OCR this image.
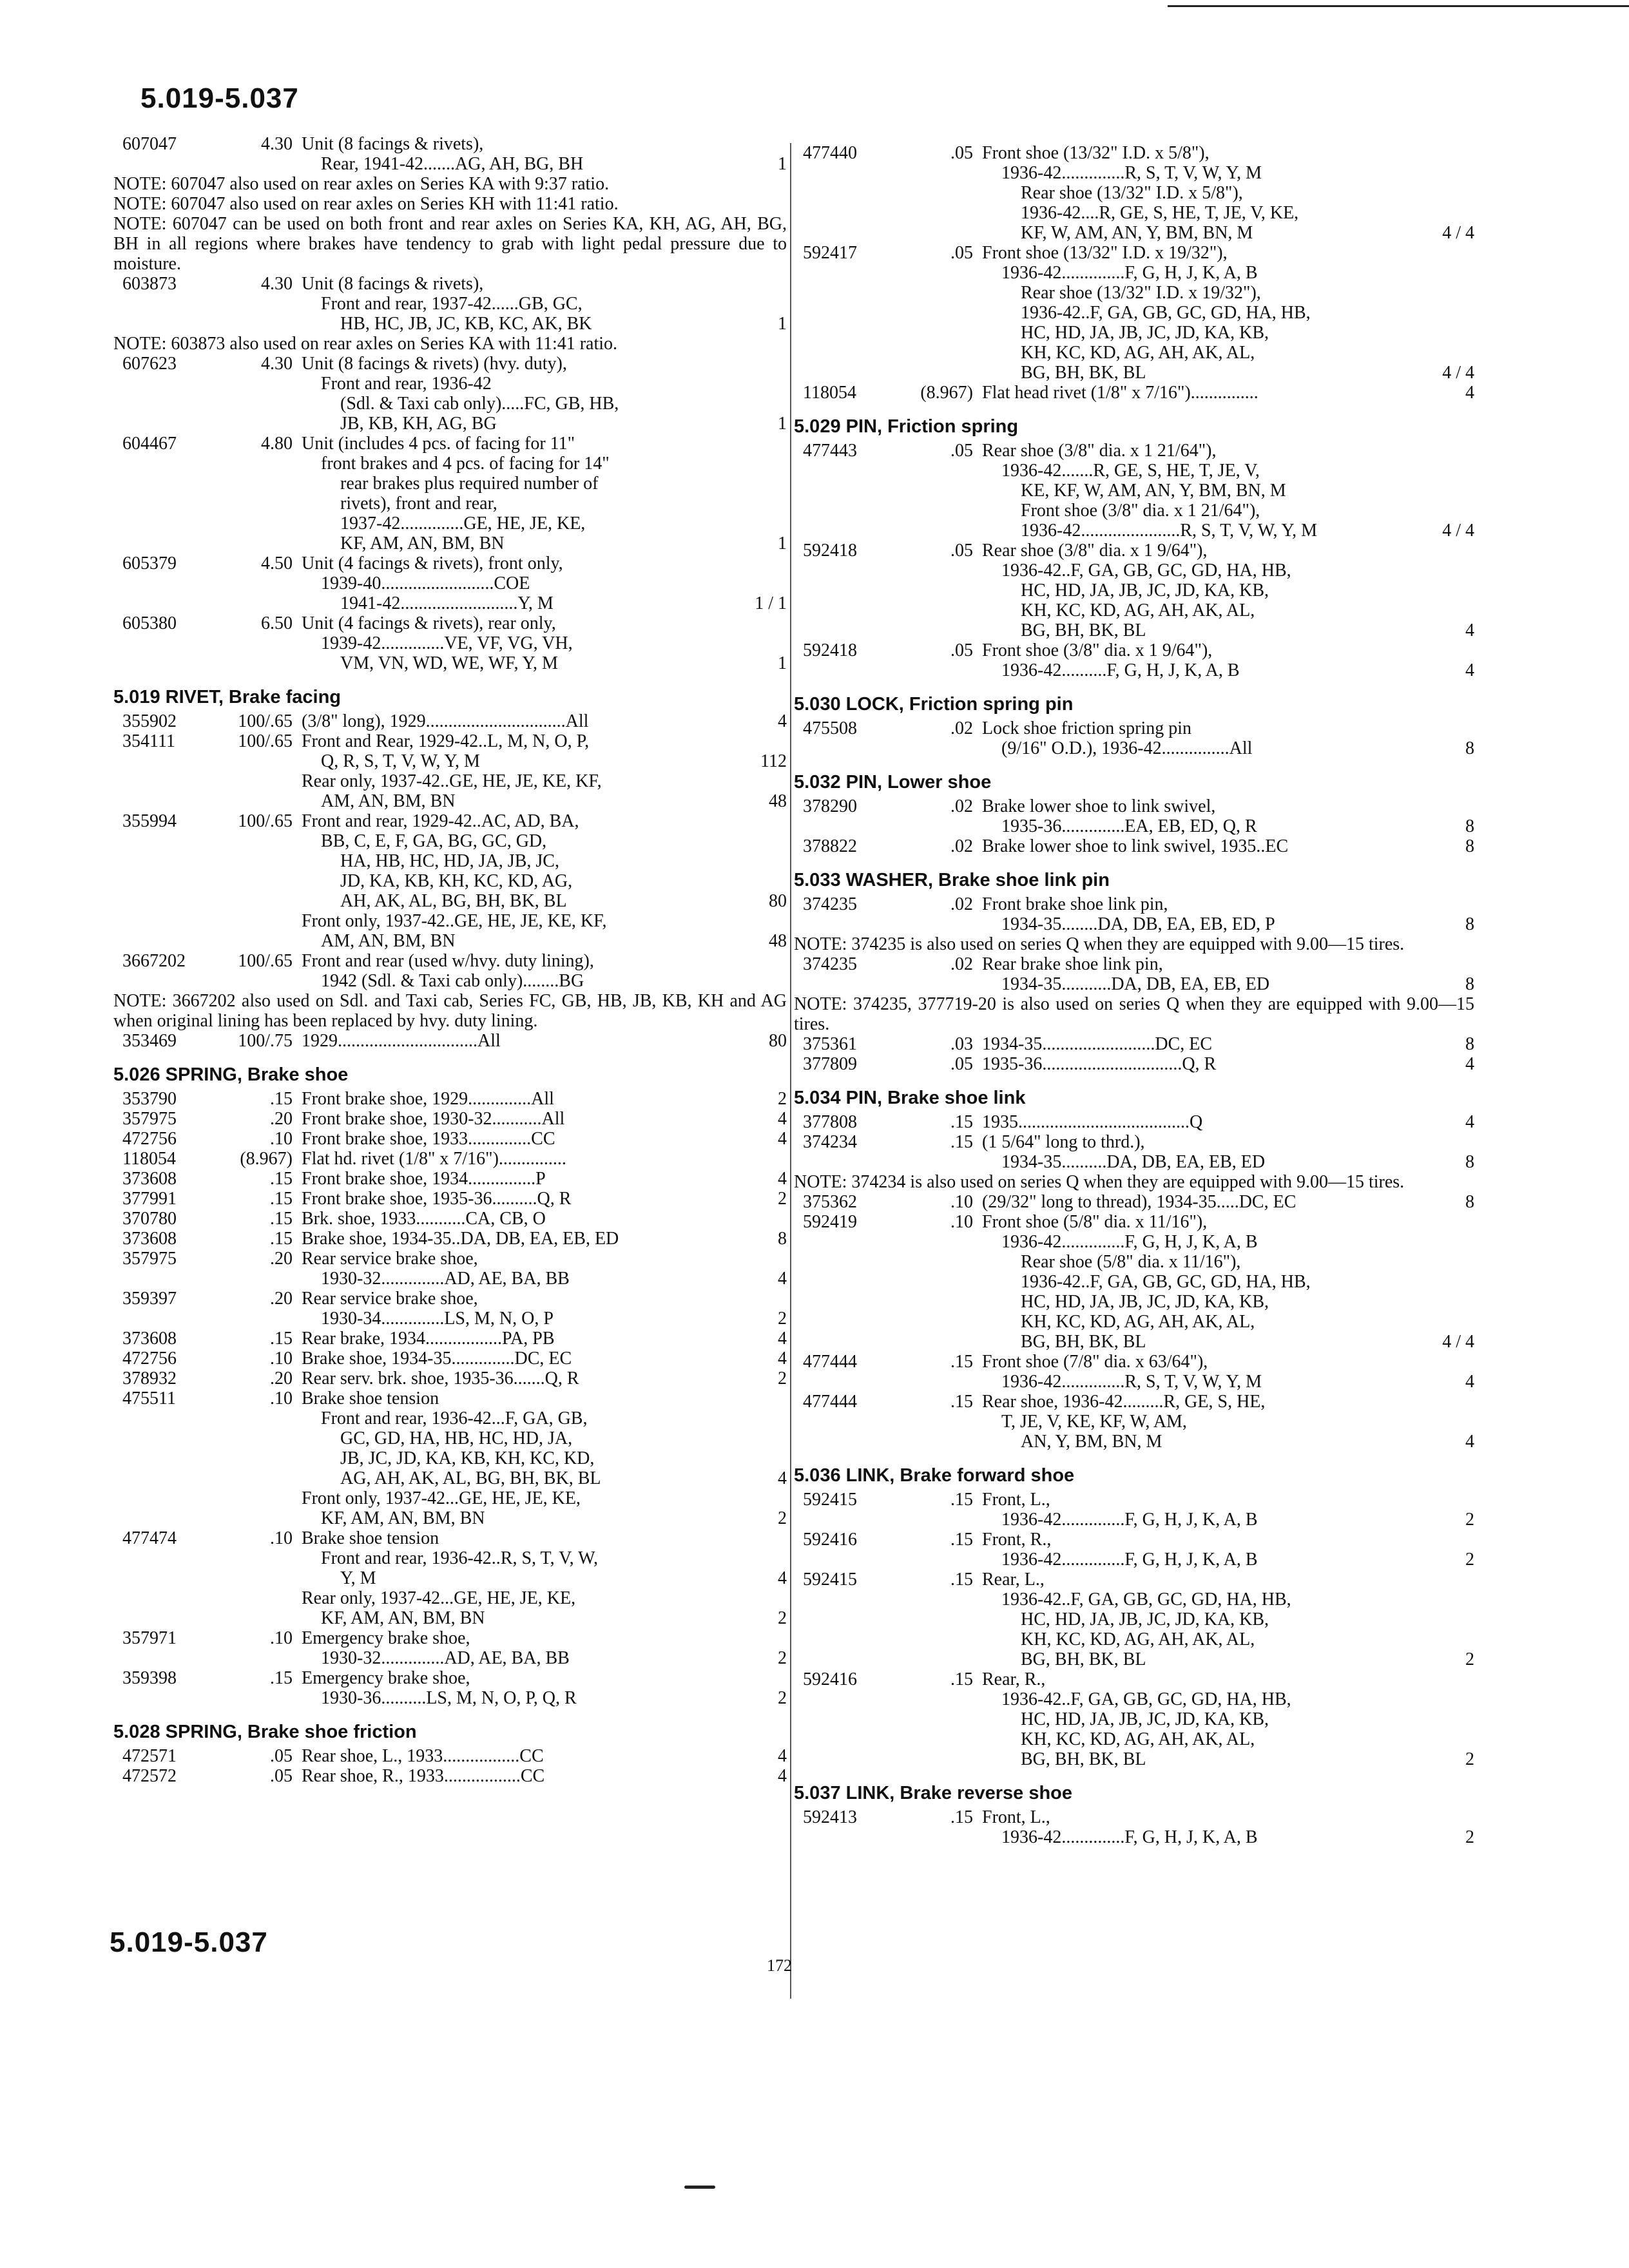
5.019-5.037
5.019-5.037
607047	4.30 Unit (8 facings & rivets),
Rear, 1941-42.......AG, AH, BG, BH	1
NOTE: 607047 also used on rear axles on Series KA with 9:37 ratio.
NOTE: 607047 also used on rear axles on Series KH with 11:41 ratio.
NOTE: 607047 can be used on both front and rear axles on Series KA, KH, AG, AH, BG, BH in all regions where brakes have tendency to grab with light pedal pressure due to moisture.
603873	4.30 Unit (8 facings & rivets),
Front and rear, 1937-42......GB, GC,
HB, HC, JB, JC, KB, KC, AK, BK	1
NOTE: 603873 also used on rear axles on Series KA with 11:41 ratio.
607623	4.30 Unit (8 facings & rivets) (hvy. duty),
Front and rear, 1936-42
(Sdl. & Taxi cab only).....FC, GB, HB,
JB, KB, KH, AG, BG	1
604467	4.80 Unit (includes 4 pcs. of facing for 11"
front brakes and 4 pcs. of facing for 14"
rear brakes plus required number of
rivets), front and rear,
1937-42..............GE, HE, JE, KE,
KF, AM, AN, BM, BN	1
605379	4.50 Unit (4 facings & rivets), front only,
1939-40.........................COE
1941-42..........................Y, M	1 / 1
605380	6.50 Unit (4 facings & rivets), rear only,
1939-42..............VE, VF, VG, VH,
VM, VN, WD, WE, WF, Y, M	1
5.019 RIVET, Brake facing
355902	100/.65 (3/8" long), 1929...............................All	4
354111	100/.65 Front and Rear, 1929-42..L, M, N, O, P,
Q, R, S, T, V, W, Y, M	112
Rear only, 1937-42..GE, HE, JE, KE, KF,
AM, AN, BM, BN	48
355994	100/.65 Front and rear, 1929-42..AC, AD, BA,
BB, C, E, F, GA, BG, GC, GD,
HA, HB, HC, HD, JA, JB, JC,
JD, KA, KB, KH, KC, KD, AG,
AH, AK, AL, BG, BH, BK, BL	80
Front only, 1937-42..GE, HE, JE, KE, KF,
AM, AN, BM, BN	48
3667202	100/.65 Front and rear (used w/hvy. duty lining),
1942 (Sdl. & Taxi cab only)........BG
NOTE: 3667202 also used on Sdl. and Taxi cab, Series FC, GB, HB, JB, KB, KH and AG when original lining has been replaced by hvy. duty lining.
353469	100/.75 1929...............................All	80
5.026 SPRING, Brake shoe
353790	.15 Front brake shoe, 1929..............All	2
357975	.20 Front brake shoe, 1930-32...........All	4
472756	.10 Front brake shoe, 1933..............CC	4
118054	(8.967) Flat hd. rivet (1/8" x 7/16")...............
373608	.15 Front brake shoe, 1934...............P	4
377991	.15 Front brake shoe, 1935-36..........Q, R	2
370780	.15 Brk. shoe, 1933...........CA, CB, O
373608	.15 Brake shoe, 1934-35..DA, DB, EA, EB, ED	8
357975	.20 Rear service brake shoe,
1930-32..............AD, AE, BA, BB	4
359397	.20 Rear service brake shoe,
1930-34..............LS, M, N, O, P	2
373608	.15 Rear brake, 1934.................PA, PB	4
472756	.10 Brake shoe, 1934-35..............DC, EC	4
378932	.20 Rear serv. brk. shoe, 1935-36.......Q, R	2
475511	.10 Brake shoe tension
Front and rear, 1936-42...F, GA, GB,
GC, GD, HA, HB, HC, HD, JA,
JB, JC, JD, KA, KB, KH, KC, KD,
AG, AH, AK, AL, BG, BH, BK, BL	4
Front only, 1937-42...GE, HE, JE, KE,
KF, AM, AN, BM, BN	2
477474	.10 Brake shoe tension
Front and rear, 1936-42..R, S, T, V, W,
Y, M	4
Rear only, 1937-42...GE, HE, JE, KE,
KF, AM, AN, BM, BN	2
357971	.10 Emergency brake shoe,
1930-32..............AD, AE, BA, BB	2
359398	.15 Emergency brake shoe,
1930-36..........LS, M, N, O, P, Q, R	2
5.028 SPRING, Brake shoe friction
472571	.05 Rear shoe, L., 1933.................CC	4
472572	.05 Rear shoe, R., 1933.................CC	4
477440	.05 Front shoe (13/32" I.D. x 5/8"),
1936-42..............R, S, T, V, W, Y, M
Rear shoe (13/32" I.D. x 5/8"),
1936-42....R, GE, S, HE, T, JE, V, KE,
KF, W, AM, AN, Y, BM, BN, M	4 / 4
592417	.05 Front shoe (13/32" I.D. x 19/32"),
1936-42..............F, G, H, J, K, A, B
Rear shoe (13/32" I.D. x 19/32"),
1936-42..F, GA, GB, GC, GD, HA, HB,
HC, HD, JA, JB, JC, JD, KA, KB,
KH, KC, KD, AG, AH, AK, AL,
BG, BH, BK, BL	4 / 4
118054	(8.967) Flat head rivet (1/8" x 7/16")...............	4
5.029 PIN, Friction spring
477443	.05 Rear shoe (3/8" dia. x 1 21/64"),
1936-42.......R, GE, S, HE, T, JE, V,
KE, KF, W, AM, AN, Y, BM, BN, M
Front shoe (3/8" dia. x 1 21/64"),
1936-42......................R, S, T, V, W, Y, M	4 / 4
592418	.05 Rear shoe (3/8" dia. x 1 9/64"),
1936-42..F, GA, GB, GC, GD, HA, HB,
HC, HD, JA, JB, JC, JD, KA, KB,
KH, KC, KD, AG, AH, AK, AL,
BG, BH, BK, BL	4
592418	.05 Front shoe (3/8" dia. x 1 9/64"),
1936-42..........F, G, H, J, K, A, B	4
5.030 LOCK, Friction spring pin
475508	.02 Lock shoe friction spring pin
(9/16" O.D.), 1936-42...............All	8
5.032 PIN, Lower shoe
378290	.02 Brake lower shoe to link swivel,
1935-36..............EA, EB, ED, Q, R	8
378822	.02 Brake lower shoe to link swivel, 1935..EC	8
5.033 WASHER, Brake shoe link pin
374235	.02 Front brake shoe link pin,
1934-35........DA, DB, EA, EB, ED, P	8
NOTE: 374235 is also used on series Q when they are equipped with 9.00—15 tires.
374235	.02 Rear brake shoe link pin,
1934-35...........DA, DB, EA, EB, ED	8
NOTE: 374235, 377719-20 is also used on series Q when they are equipped with 9.00—15 tires.
375361	.03 1934-35.........................DC, EC	8
377809	.05 1935-36...............................Q, R	4
5.034 PIN, Brake shoe link
377808	.15 1935......................................Q	4
374234	.15 (1 5/64" long to thrd.),
1934-35..........DA, DB, EA, EB, ED	8
NOTE: 374234 is also used on series Q when they are equipped with 9.00—15 tires.
375362	.10 (29/32" long to thread), 1934-35.....DC, EC	8
592419	.10 Front shoe (5/8" dia. x 11/16"),
1936-42..............F, G, H, J, K, A, B
Rear shoe (5/8" dia. x 11/16"),
1936-42..F, GA, GB, GC, GD, HA, HB,
HC, HD, JA, JB, JC, JD, KA, KB,
KH, KC, KD, AG, AH, AK, AL,
BG, BH, BK, BL	4 / 4
477444	.15 Front shoe (7/8" dia. x 63/64"),
1936-42..............R, S, T, V, W, Y, M	4
477444	.15 Rear shoe, 1936-42.........R, GE, S, HE,
T, JE, V, KE, KF, W, AM,
AN, Y, BM, BN, M	4
5.036 LINK, Brake forward shoe
592415	.15 Front, L.,
1936-42..............F, G, H, J, K, A, B	2
592416	.15 Front, R.,
1936-42..............F, G, H, J, K, A, B	2
592415	.15 Rear, L.,
1936-42..F, GA, GB, GC, GD, HA, HB,
HC, HD, JA, JB, JC, JD, KA, KB,
KH, KC, KD, AG, AH, AK, AL,
BG, BH, BK, BL	2
592416	.15 Rear, R.,
1936-42..F, GA, GB, GC, GD, HA, HB,
HC, HD, JA, JB, JC, JD, KA, KB,
KH, KC, KD, AG, AH, AK, AL,
BG, BH, BK, BL	2
5.037 LINK, Brake reverse shoe
592413	.15 Front, L.,
1936-42..............F, G, H, J, K, A, B	2
172
